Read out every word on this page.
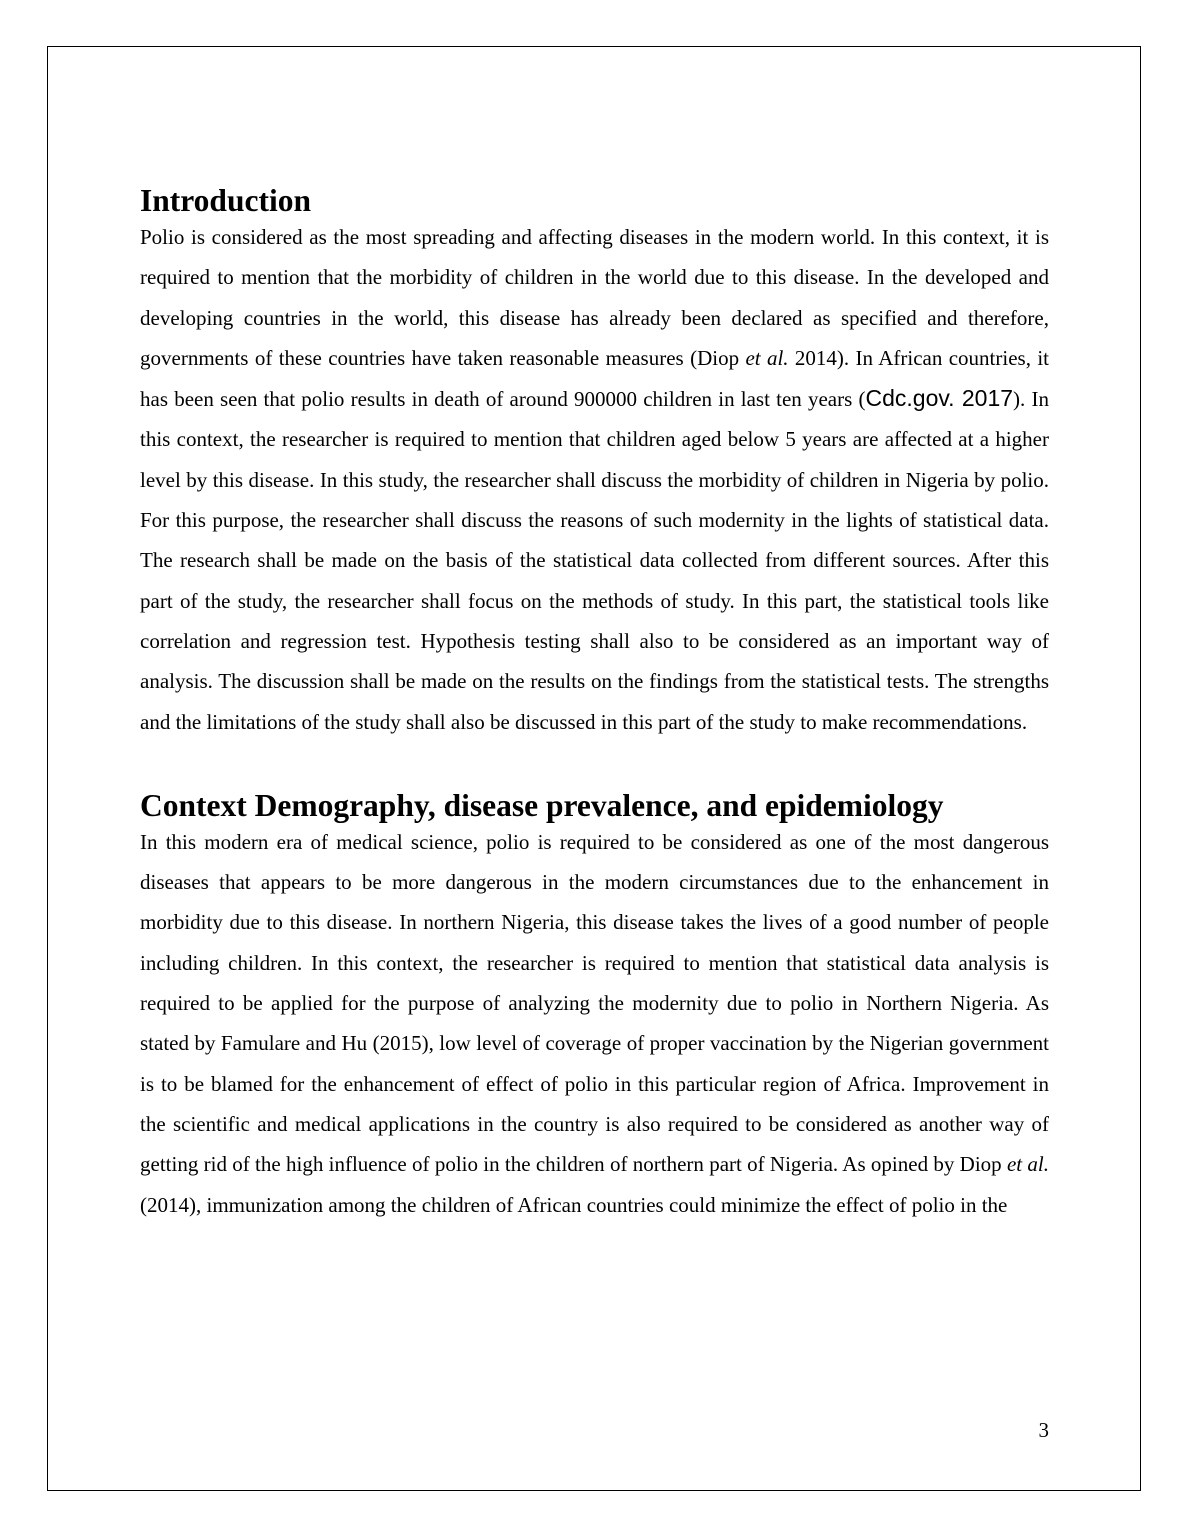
Introduction

Polio is considered as the most spreading and affecting diseases in the modern world. In this context, it is required to mention that the morbidity of children in the world due to this disease. In the developed and developing countries in the world, this disease has already been declared as specified and therefore, governments of these countries have taken reasonable measures (Diop et al. 2014). In African countries, it has been seen that polio results in death of around 900000 children in last ten years (Cdc.gov. 2017). In this context, the researcher is required to mention that children aged below 5 years are affected at a higher level by this disease. In this study, the researcher shall discuss the morbidity of children in Nigeria by polio. For this purpose, the researcher shall discuss the reasons of such modernity in the lights of statistical data. The research shall be made on the basis of the statistical data collected from different sources. After this part of the study, the researcher shall focus on the methods of study. In this part, the statistical tools like correlation and regression test. Hypothesis testing shall also to be considered as an important way of analysis. The discussion shall be made on the results on the findings from the statistical tests. The strengths and the limitations of the study shall also be discussed in this part of the study to make recommendations.

Context Demography, disease prevalence, and epidemiology

In this modern era of medical science, polio is required to be considered as one of the most dangerous diseases that appears to be more dangerous in the modern circumstances due to the enhancement in morbidity due to this disease. In northern Nigeria, this disease takes the lives of a good number of people including children. In this context, the researcher is required to mention that statistical data analysis is required to be applied for the purpose of analyzing the modernity due to polio in Northern Nigeria. As stated by Famulare and Hu (2015), low level of coverage of proper vaccination by the Nigerian government is to be blamed for the enhancement of effect of polio in this particular region of Africa. Improvement in the scientific and medical applications in the country is also required to be considered as another way of getting rid of the high influence of polio in the children of northern part of Nigeria. As opined by Diop et al. (2014), immunization among the children of African countries could minimize the effect of polio in the

3
